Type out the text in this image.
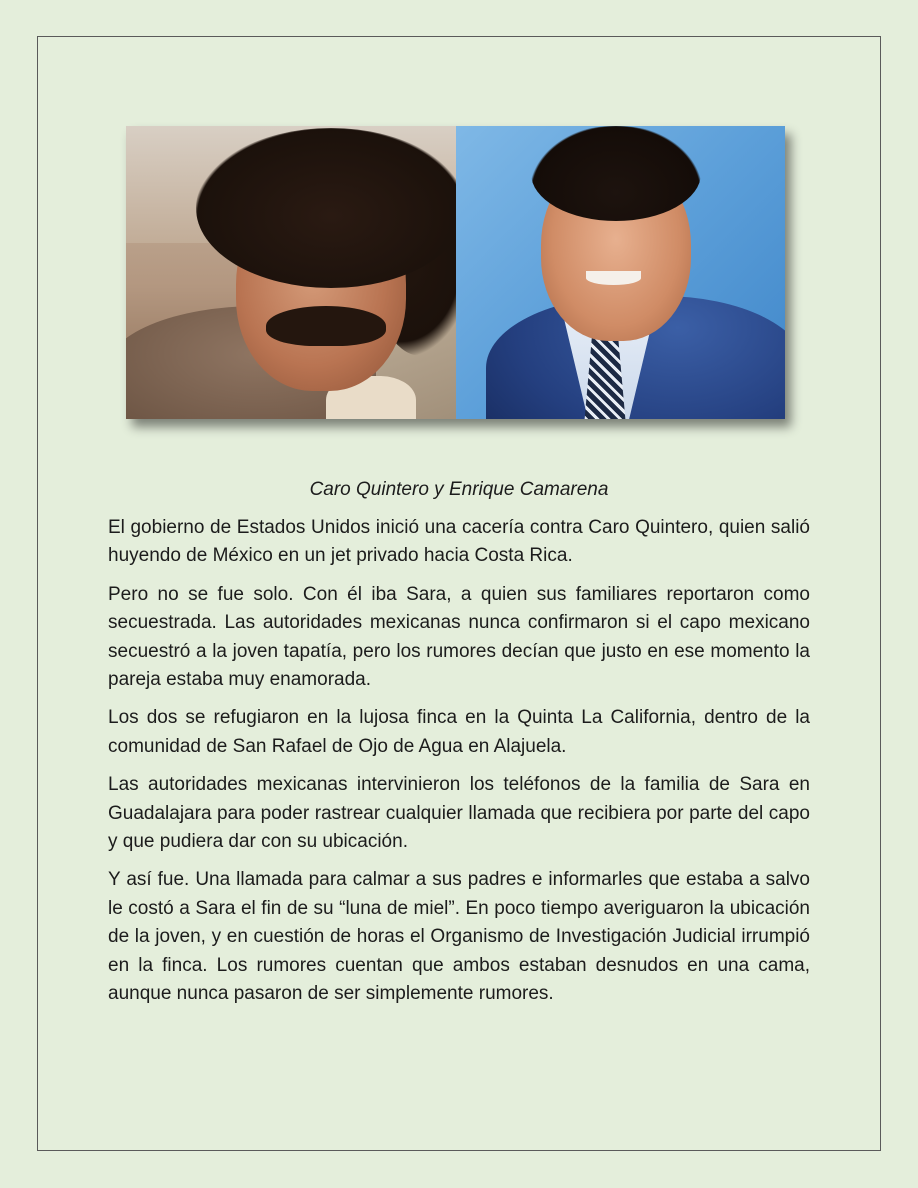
Caro Quintero y Enrique Camarena

El gobierno de Estados Unidos inició una cacería contra Caro Quintero, quien salió huyendo de México en un jet privado hacia Costa Rica.

Pero no se fue solo. Con él iba Sara, a quien sus familiares reportaron como secuestrada. Las autoridades mexicanas nunca confirmaron si el capo mexicano secuestró a la joven tapatía, pero los rumores decían que justo en ese momento la pareja estaba muy enamorada.

Los dos se refugiaron en la lujosa finca en la Quinta La California, dentro de la comunidad de San Rafael de Ojo de Agua en Alajuela.

Las autoridades mexicanas intervinieron los teléfonos de la familia de Sara en Guadalajara para poder rastrear cualquier llamada que recibiera por parte del capo y que pudiera dar con su ubicación.

Y así fue. Una llamada para calmar a sus padres e informarles que estaba a salvo le costó a Sara el fin de su “luna de miel”. En poco tiempo averiguaron la ubicación de la joven, y en cuestión de horas el Organismo de Investigación Judicial irrumpió en la finca. Los rumores cuentan que ambos estaban desnudos en una cama, aunque nunca pasaron de ser simplemente rumores.
